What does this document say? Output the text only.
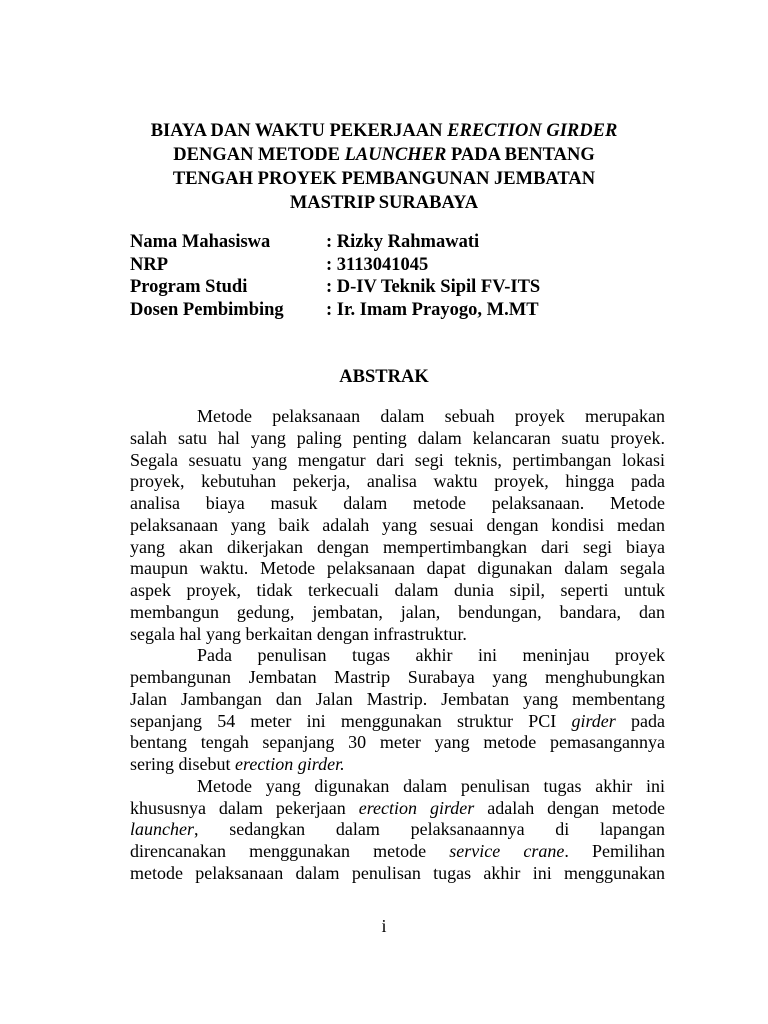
BIAYA DAN WAKTU PEKERJAAN ERECTION GIRDER
DENGAN METODE LAUNCHER PADA BENTANG
TENGAH PROYEK PEMBANGUNAN JEMBATAN
MASTRIP SURABAYA
Nama Mahasiswa	: Rizky Rahmawati
NRP	: 3113041045
Program Studi	: D-IV Teknik Sipil FV-ITS
Dosen Pembimbing : Ir. Imam Prayogo, M.MT
ABSTRAK
Metode pelaksanaan dalam sebuah proyek merupakan
salah satu hal yang paling penting dalam kelancaran suatu proyek.
Segala sesuatu yang mengatur dari segi teknis, pertimbangan lokasi
proyek, kebutuhan pekerja, analisa waktu proyek, hingga pada
analisa biaya masuk dalam metode pelaksanaan. Metode
pelaksanaan yang baik adalah yang sesuai dengan kondisi medan
yang akan dikerjakan dengan mempertimbangkan dari segi biaya
maupun waktu. Metode pelaksanaan dapat digunakan dalam segala
aspek proyek, tidak terkecuali dalam dunia sipil, seperti untuk
membangun gedung, jembatan, jalan, bendungan, bandara, dan
segala hal yang berkaitan dengan infrastruktur.
Pada penulisan tugas akhir ini meninjau proyek
pembangunan Jembatan Mastrip Surabaya yang menghubungkan
Jalan Jambangan dan Jalan Mastrip. Jembatan yang membentang
sepanjang 54 meter ini menggunakan struktur PCI girder pada
bentang tengah sepanjang 30 meter yang metode pemasangannya
sering disebut erection girder.
Metode yang digunakan dalam penulisan tugas akhir ini
khususnya dalam pekerjaan erection girder adalah dengan metode
launcher, sedangkan dalam pelaksanaannya di lapangan
direncanakan menggunakan metode service crane. Pemilihan
metode pelaksanaan dalam penulisan tugas akhir ini menggunakan
i
